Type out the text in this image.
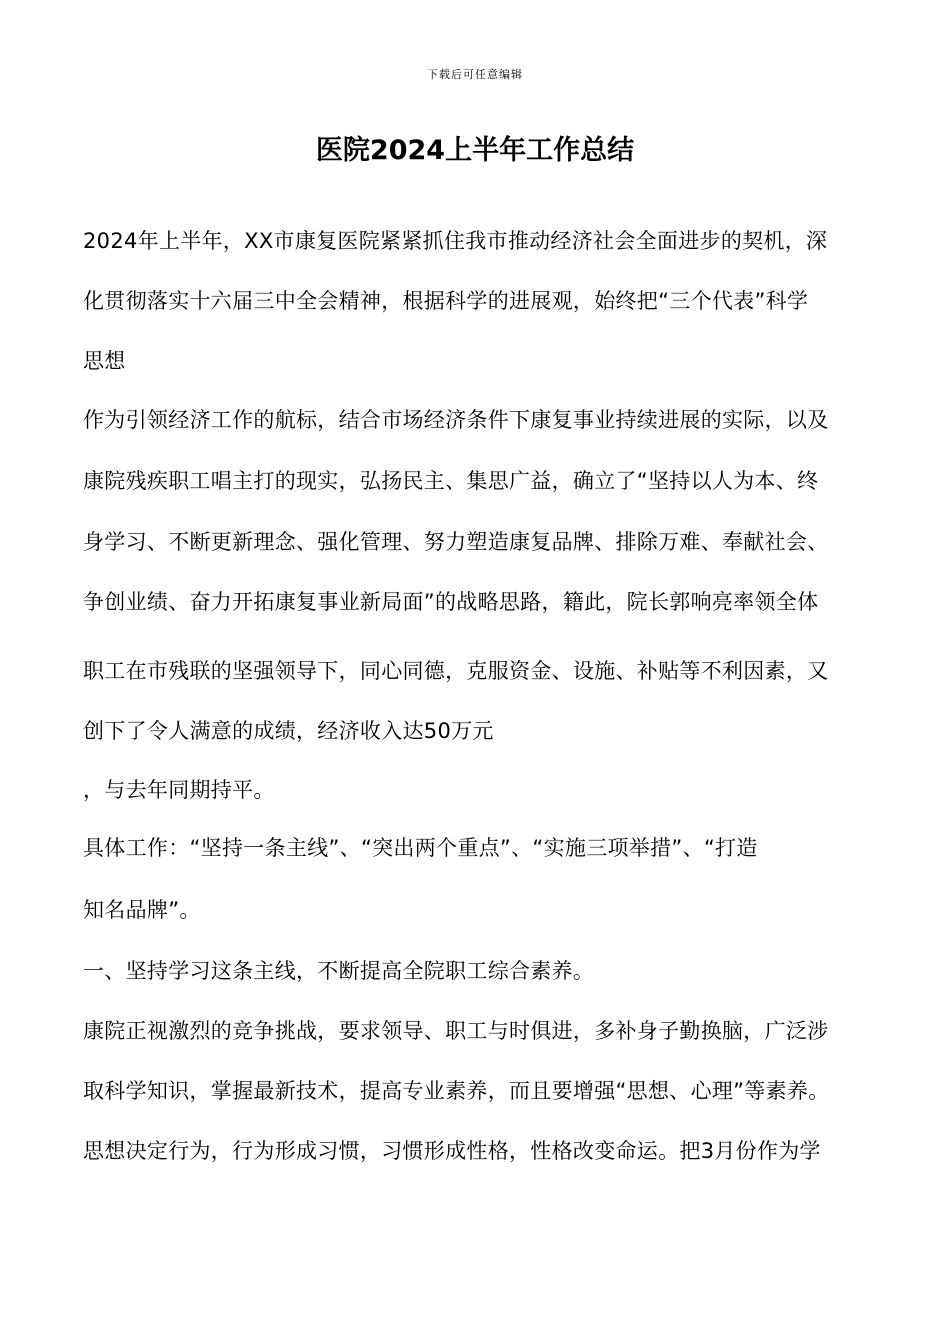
下载后可任意编辑
医院2024上半年工作总结
2024年上半年，XX市康复医院紧紧抓住我市推动经济社会全面进步的契机，深
化贯彻落实十六届三中全会精神，根据科学的进展观，始终把“三个代表”科学
思想
作为引领经济工作的航标，结合市场经济条件下康复事业持续进展的实际，以及
康院残疾职工唱主打的现实，弘扬民主、集思广益，确立了“坚持以人为本、终
身学习、不断更新理念、强化管理、努力塑造康复品牌、排除万难、奉献社会、
争创业绩、奋力开拓康复事业新局面”的战略思路，籍此，院长郭响亮率领全体
职工在市残联的坚强领导下，同心同德，克服资金、设施、补贴等不利因素，又
创下了令人满意的成绩，经济收入达50万元
，与去年同期持平。
具体工作：“坚持一条主线”、“突出两个重点”、“实施三项举措”、“打造
知名品牌”。
一、坚持学习这条主线，不断提高全院职工综合素养。
康院正视激烈的竞争挑战，要求领导、职工与时俱进，多补身子勤换脑，广泛涉
取科学知识，掌握最新技术，提高专业素养，而且要增强“思想、心理”等素养。
思想决定行为，行为形成习惯，习惯形成性格，性格改变命运。把3月份作为学
